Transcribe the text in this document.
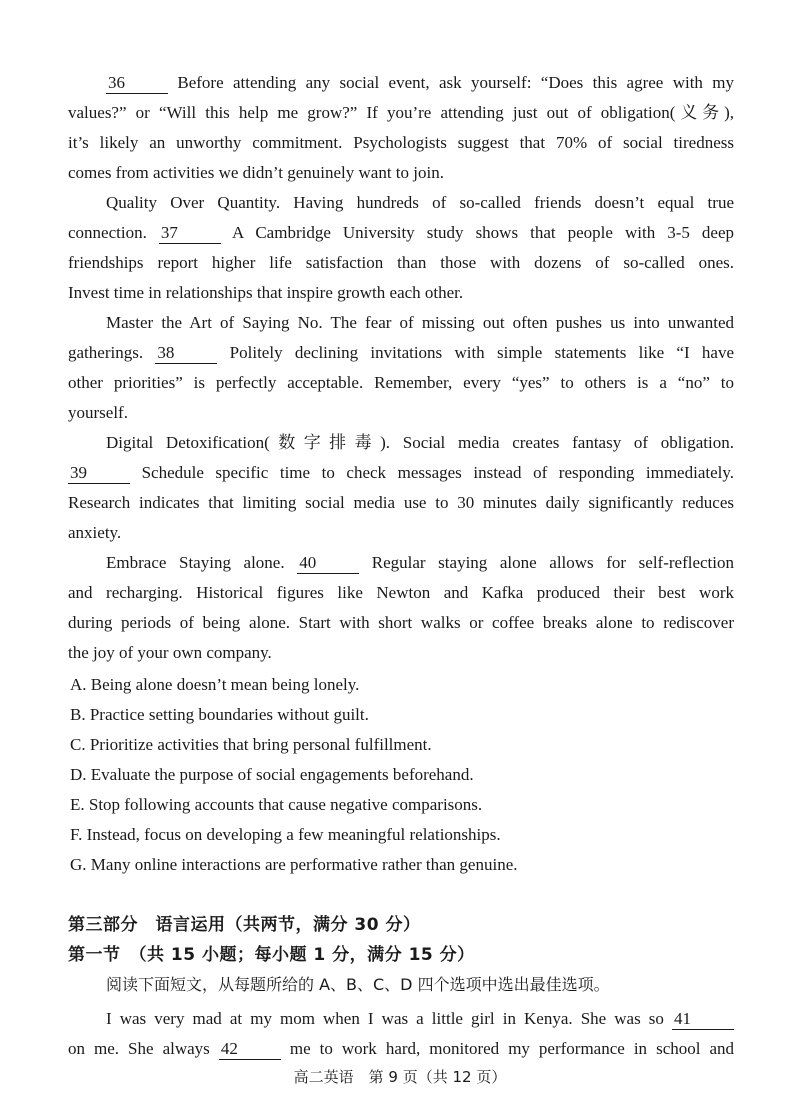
36	Before attending any social event, ask yourself: “Does this agree with my
values?” or “Will this help me grow?” If you’re attending just out of obligation(义务),
it’s likely an unworthy commitment. Psychologists suggest that 70% of social tiredness
comes from activities we didn’t genuinely want to join.
Quality Over Quantity. Having hundreds of so-called friends doesn’t equal true
connection. 37	A Cambridge University study shows that people with 3-5 deep
friendships report higher life satisfaction than those with dozens of so-called ones.
Invest time in relationships that inspire growth each other.
Master the Art of Saying No. The fear of missing out often pushes us into unwanted
gatherings. 38	Politely declining invitations with simple statements like “I have
other priorities” is perfectly acceptable. Remember, every “yes” to others is a “no” to
yourself.
Digital Detoxification(数字排毒). Social media creates fantasy of obligation.
39	Schedule specific time to check messages instead of responding immediately.
Research indicates that limiting social media use to 30 minutes daily significantly reduces
anxiety.
Embrace Staying alone. 40	Regular staying alone allows for self-reflection
and recharging. Historical figures like Newton and Kafka produced their best work
during periods of being alone. Start with short walks or coffee breaks alone to rediscover
the joy of your own company.
A. Being alone doesn’t mean being lonely.
B. Practice setting boundaries without guilt.
C. Prioritize activities that bring personal fulfillment.
D. Evaluate the purpose of social engagements beforehand.
E. Stop following accounts that cause negative comparisons.
F. Instead, focus on developing a few meaningful relationships.
G. Many online interactions are performative rather than genuine.
第三部分　语言运用（共两节，满分 30 分）
第一节　（共 15 小题；每小题 1 分，满分 15 分）
阅读下面短文，从每题所给的 A、B、C、D 四个选项中选出最佳选项。
I was very mad at my mom when I was a little girl in Kenya. She was so 41
on me. She always 42	me to work hard, monitored my performance in school and
高二英语　第 9 页（共 12 页）
